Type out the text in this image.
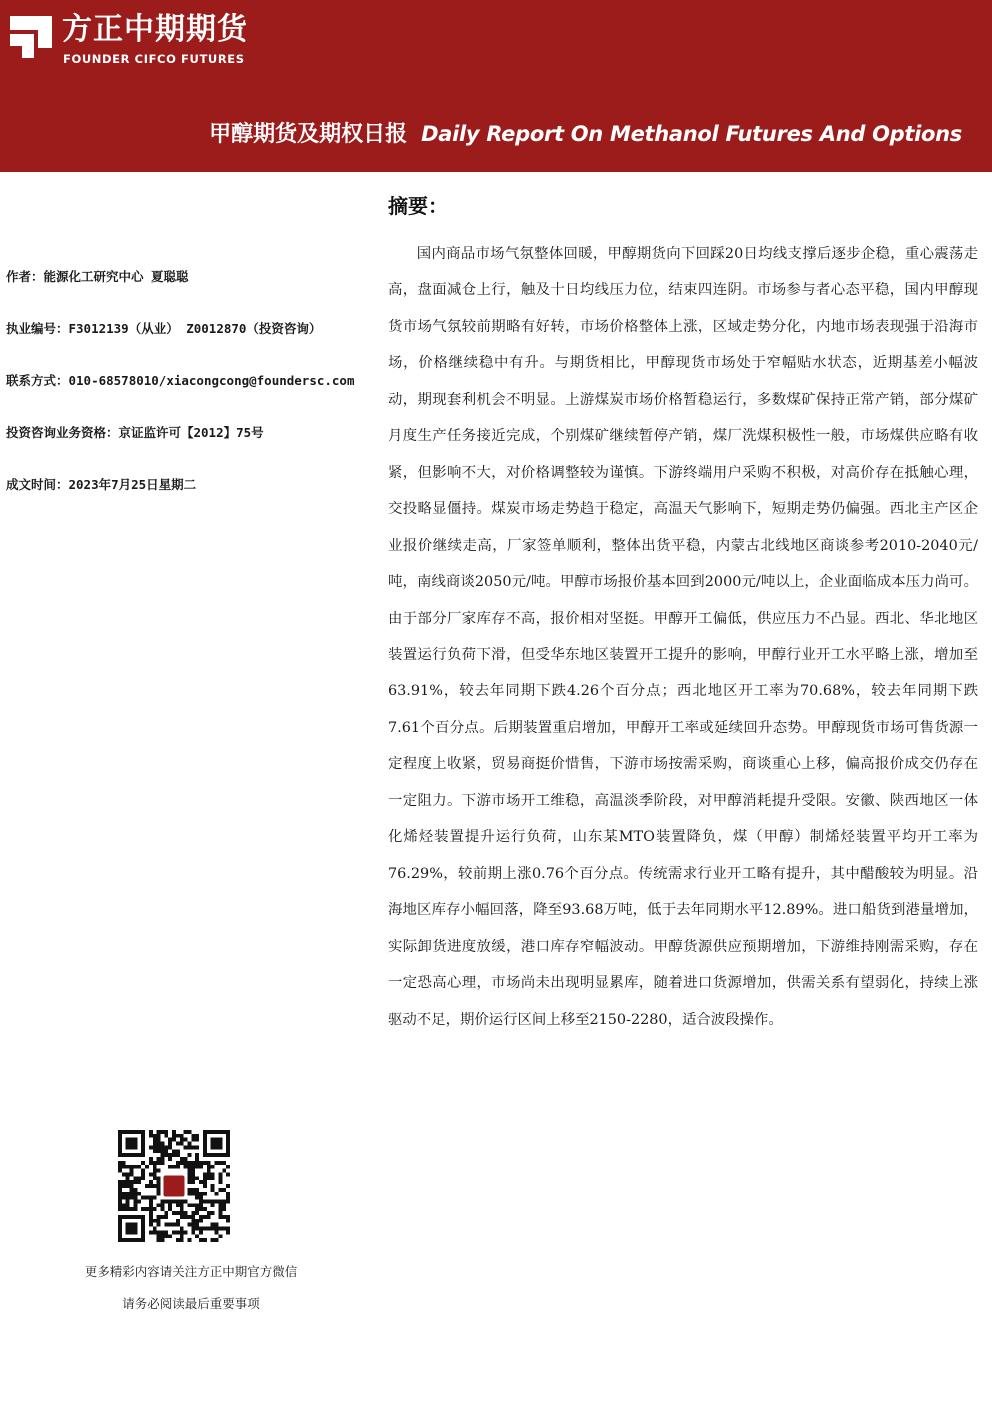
方正中期期货
FOUNDER CIFCO FUTURES
甲醇期货及期权日报 Daily Report On Methanol Futures And Options
作者：能源化工研究中心 夏聪聪
执业编号：F3012139（从业） Z0012870（投资咨询）
联系方式：010-68578010/xiacongcong@foundersc.com
投资咨询业务资格：京证监许可【2012】75号
成文时间：2023年7月25日星期二
更多精彩内容请关注方正中期官方微信
请务必阅读最后重要事项
摘要：

国内商品市场气氛整体回暖，甲醇期货向下回踩20日均线支撑后逐步企稳，重心震荡走高，盘面减仓上行，触及十日均线压力位，结束四连阴。市场参与者心态平稳，国内甲醇现货市场气氛较前期略有好转，市场价格整体上涨，区域走势分化，内地市场表现强于沿海市场，价格继续稳中有升。与期货相比，甲醇现货市场处于窄幅贴水状态，近期基差小幅波动，期现套利机会不明显。上游煤炭市场价格暂稳运行，多数煤矿保持正常产销，部分煤矿月度生产任务接近完成，个别煤矿继续暂停产销，煤厂洗煤积极性一般，市场煤供应略有收紧，但影响不大，对价格调整较为谨慎。下游终端用户采购不积极，对高价存在抵触心理，交投略显僵持。煤炭市场走势趋于稳定，高温天气影响下，短期走势仍偏强。西北主产区企业报价继续走高，厂家签单顺利，整体出货平稳，内蒙古北线地区商谈参考2010-2040元/吨，南线商谈2050元/吨。甲醇市场报价基本回到2000元/吨以上，企业面临成本压力尚可。由于部分厂家库存不高，报价相对坚挺。甲醇开工偏低，供应压力不凸显。西北、华北地区装置运行负荷下滑，但受华东地区装置开工提升的影响，甲醇行业开工水平略上涨，增加至63.91%，较去年同期下跌4.26个百分点；西北地区开工率为70.68%，较去年同期下跌7.61个百分点。后期装置重启增加，甲醇开工率或延续回升态势。甲醇现货市场可售货源一定程度上收紧，贸易商挺价惜售，下游市场按需采购，商谈重心上移，偏高报价成交仍存在一定阻力。下游市场开工维稳，高温淡季阶段，对甲醇消耗提升受限。安徽、陕西地区一体化烯烃装置提升运行负荷，山东某MTO装置降负，煤（甲醇）制烯烃装置平均开工率为76.29%，较前期上涨0.76个百分点。传统需求行业开工略有提升，其中醋酸较为明显。沿海地区库存小幅回落，降至93.68万吨，低于去年同期水平12.89%。进口船货到港量增加，实际卸货进度放缓，港口库存窄幅波动。甲醇货源供应预期增加，下游维持刚需采购，存在一定恐高心理，市场尚未出现明显累库，随着进口货源增加，供需关系有望弱化，持续上涨驱动不足，期价运行区间上移至2150-2280，适合波段操作。
